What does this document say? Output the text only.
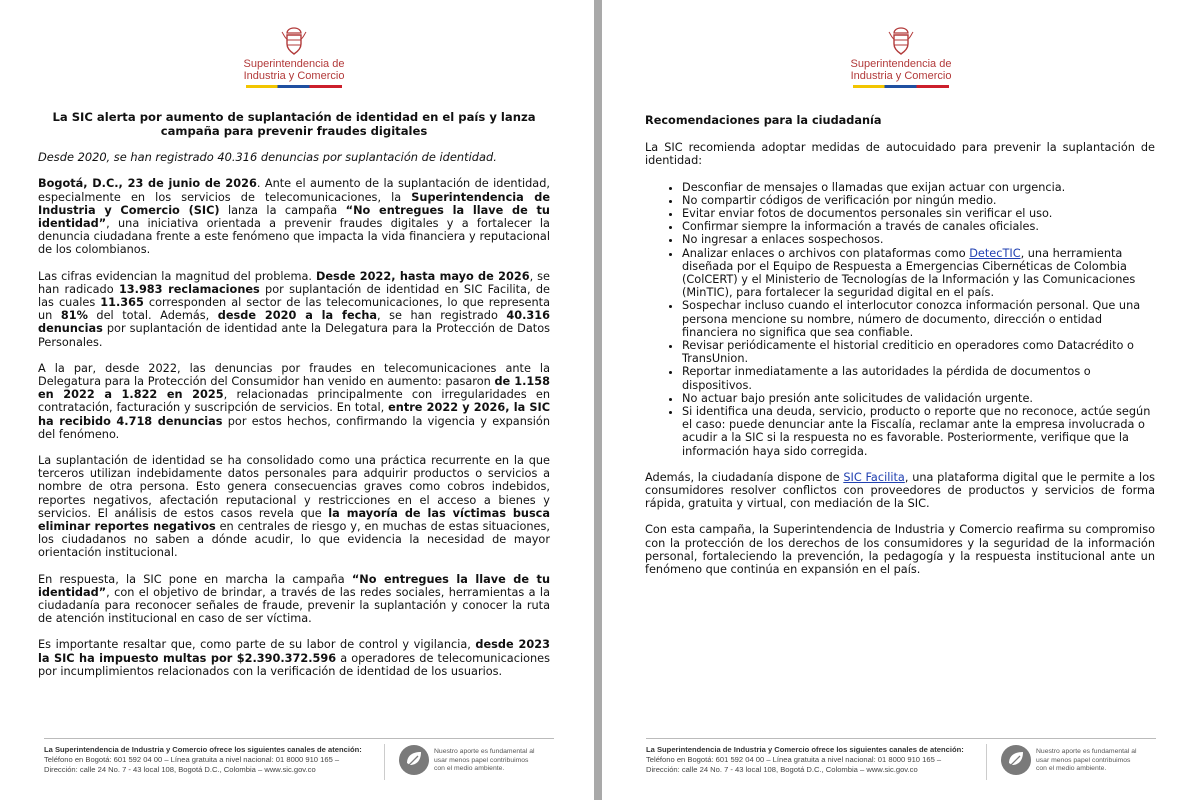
Superintendencia de
Industria y Comercio
La SIC alerta por aumento de suplantación de identidad en el país y lanza campaña para prevenir fraudes digitales
Desde 2020, se han registrado 40.316 denuncias por suplantación de identidad.
Bogotá, D.C., 23 de junio de 2026. Ante el aumento de la suplantación de identidad, especialmente en los servicios de telecomunicaciones, la Superintendencia de Industria y Comercio (SIC) lanza la campaña “No entregues la llave de tu identidad”, una iniciativa orientada a prevenir fraudes digitales y a fortalecer la denuncia ciudadana frente a este fenómeno que impacta la vida financiera y reputacional de los colombianos.
Las cifras evidencian la magnitud del problema. Desde 2022, hasta mayo de 2026, se han radicado 13.983 reclamaciones por suplantación de identidad en SIC Facilita, de las cuales 11.365 corresponden al sector de las telecomunicaciones, lo que representa un 81% del total. Además, desde 2020 a la fecha, se han registrado 40.316 denuncias por suplantación de identidad ante la Delegatura para la Protección de Datos Personales.
A la par, desde 2022, las denuncias por fraudes en telecomunicaciones ante la Delegatura para la Protección del Consumidor han venido en aumento: pasaron de 1.158 en 2022 a 1.822 en 2025, relacionadas principalmente con irregularidades en contratación, facturación y suscripción de servicios. En total, entre 2022 y 2026, la SIC ha recibido 4.718 denuncias por estos hechos, confirmando la vigencia y expansión del fenómeno.
La suplantación de identidad se ha consolidado como una práctica recurrente en la que terceros utilizan indebidamente datos personales para adquirir productos o servicios a nombre de otra persona. Esto genera consecuencias graves como cobros indebidos, reportes negativos, afectación reputacional y restricciones en el acceso a bienes y servicios. El análisis de estos casos revela que la mayoría de las víctimas busca eliminar reportes negativos en centrales de riesgo y, en muchas de estas situaciones, los ciudadanos no saben a dónde acudir, lo que evidencia la necesidad de mayor orientación institucional.
En respuesta, la SIC pone en marcha la campaña “No entregues la llave de tu identidad”, con el objetivo de brindar, a través de las redes sociales, herramientas a la ciudadanía para reconocer señales de fraude, prevenir la suplantación y conocer la ruta de atención institucional en caso de ser víctima.
Es importante resaltar que, como parte de su labor de control y vigilancia, desde 2023 la SIC ha impuesto multas por $2.390.372.596 a operadores de telecomunicaciones por incumplimientos relacionados con la verificación de identidad de los usuarios.
La Superintendencia de Industria y Comercio ofrece los siguientes canales de atención:
Teléfono en Bogotá: 601 592 04 00 – Línea gratuita a nivel nacional: 01 8000 910 165 –
Dirección: calle 24 No. 7 - 43 local 108, Bogotá D.C., Colombia – www.sic.gov.co
Nuestro aporte es fundamental al
usar menos papel contribuimos
con el medio ambiente.
Superintendencia de
Industria y Comercio
Recomendaciones para la ciudadanía
La SIC recomienda adoptar medidas de autocuidado para prevenir la suplantación de identidad:
• Desconfiar de mensajes o llamadas que exijan actuar con urgencia.
• No compartir códigos de verificación por ningún medio.
• Evitar enviar fotos de documentos personales sin verificar el uso.
• Confirmar siempre la información a través de canales oficiales.
• No ingresar a enlaces sospechosos.
• Analizar enlaces o archivos con plataformas como DetecTIC, una herramienta diseñada por el Equipo de Respuesta a Emergencias Cibernéticas de Colombia (ColCERT) y el Ministerio de Tecnologías de la Información y las Comunicaciones (MinTIC), para fortalecer la seguridad digital en el país.
• Sospechar incluso cuando el interlocutor conozca información personal. Que una persona mencione su nombre, número de documento, dirección o entidad financiera no significa que sea confiable.
• Revisar periódicamente el historial crediticio en operadores como Datacrédito o TransUnion.
• Reportar inmediatamente a las autoridades la pérdida de documentos o dispositivos.
• No actuar bajo presión ante solicitudes de validación urgente.
• Si identifica una deuda, servicio, producto o reporte que no reconoce, actúe según el caso: puede denunciar ante la Fiscalía, reclamar ante la empresa involucrada o acudir a la SIC si la respuesta no es favorable. Posteriormente, verifique que la información haya sido corregida.
Además, la ciudadanía dispone de SIC Facilita, una plataforma digital que le permite a los consumidores resolver conflictos con proveedores de productos y servicios de forma rápida, gratuita y virtual, con mediación de la SIC.
Con esta campaña, la Superintendencia de Industria y Comercio reafirma su compromiso con la protección de los derechos de los consumidores y la seguridad de la información personal, fortaleciendo la prevención, la pedagogía y la respuesta institucional ante un fenómeno que continúa en expansión en el país.
La Superintendencia de Industria y Comercio ofrece los siguientes canales de atención:
Teléfono en Bogotá: 601 592 04 00 – Línea gratuita a nivel nacional: 01 8000 910 165 –
Dirección: calle 24 No. 7 - 43 local 108, Bogotá D.C., Colombia – www.sic.gov.co
Nuestro aporte es fundamental al
usar menos papel contribuimos
con el medio ambiente.
